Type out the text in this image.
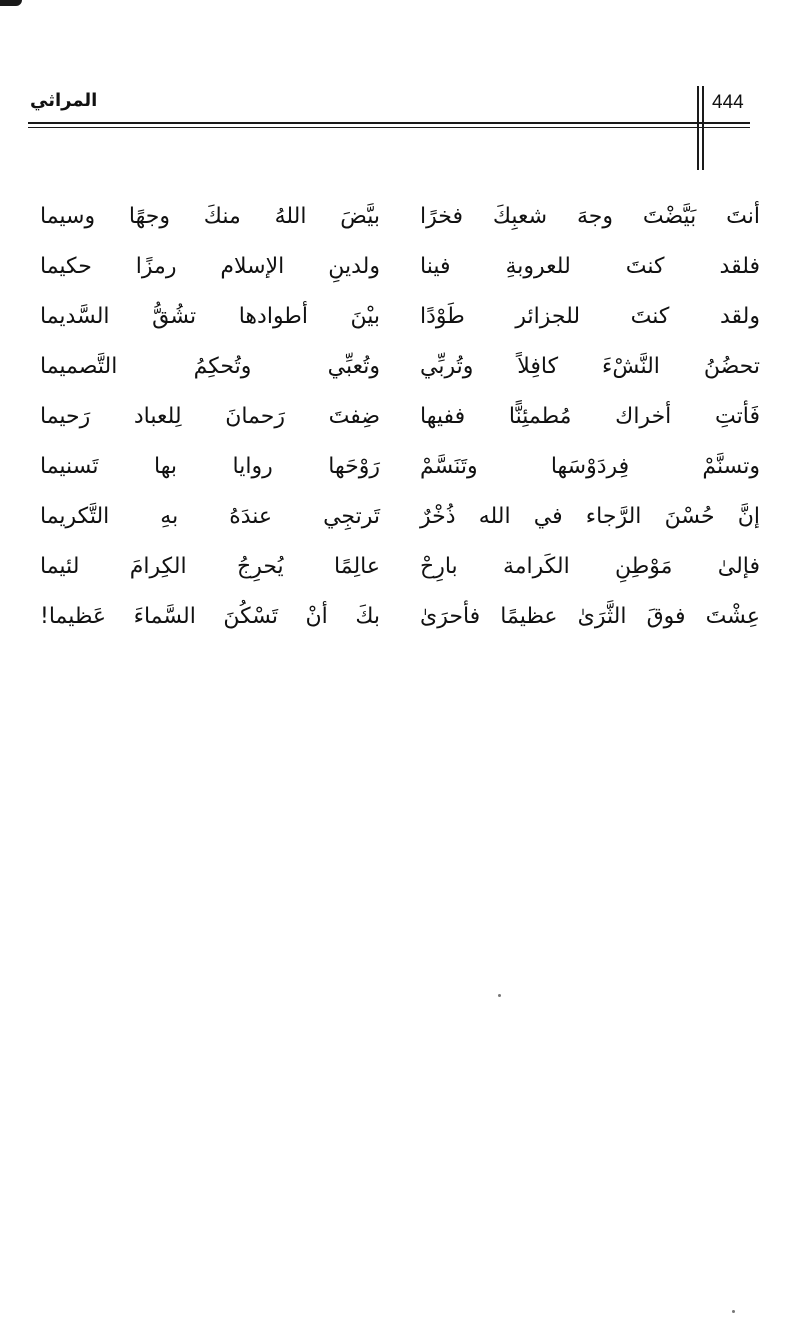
المراثي	444
أنتَ بَيَّضْتَ وجهَ شعبِكَ فخرًا
بيَّضَ اللهُ منكَ وجهًا وسيما
فلقد كنتَ للعروبةِ فينا
ولدينِ الإسلام رمزًا حكيما
ولقد كنتَ للجزائر طَوْدًا
بيْنَ أطوادها تشُقُّ السَّديما
تحضُنُ النَّشْءَ كافِلاً وتُربِّي
وتُعبِّي وتُحكِمُ التَّصميما
فَأتتِ أخراك مُطمئِنًّا ففيها
ضِفتَ رَحمانَ لِلعباد رَحيما
وتسنَّمْ فِردَوْسَها وتَنَسَّمْ
رَوْحَها روايا بها تَسنيما
إنَّ حُسْنَ الرَّجاء في الله ذُخْرٌ
تَرتجِي عندَهُ بهِ التَّكريما
فإلىٰ مَوْطِنِ الكَرامة بارِحْ
عالِمًا يُحرِجُ الكِرامَ لئيما
عِشْتَ فوقَ الثَّرَىٰ عظيمًا فأحرَىٰ
بكَ أنْ تَسْكُنَ السَّماءَ عَظيما!
